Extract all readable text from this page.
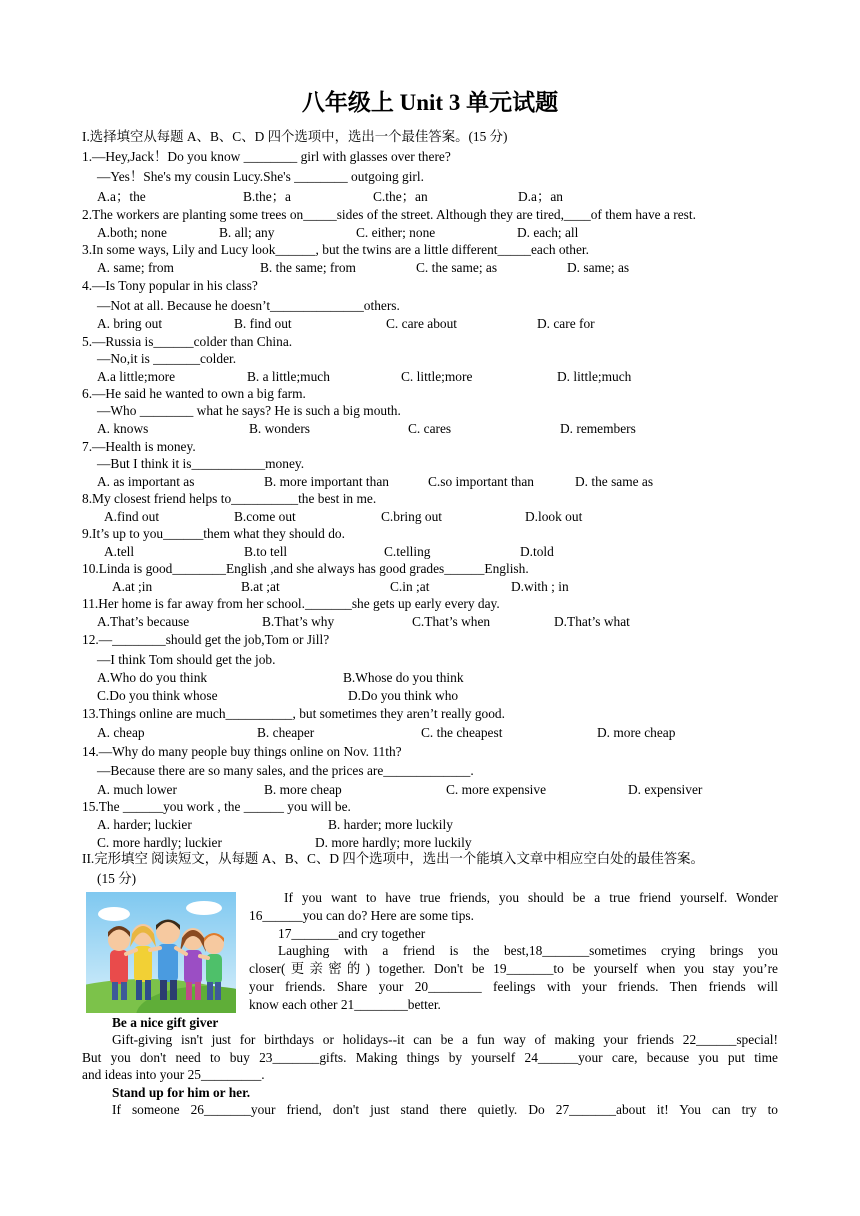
八年级上 Unit 3 单元试题
I.选择填空从每题 A、B、C、D 四个选项中，选出一个最佳答案。(15 分)
1.—Hey,Jack！Do you know ________ girl with glasses over there?
—Yes！She's my cousin Lucy.She's ________ outgoing girl.
A.a；the	B.the；a	C.the；an	D.a；an
2.The workers are planting some trees on_____sides of the street. Although they are tired,____of them have a rest.
A.both; none	B. all; any	C. either; none	D. each; all
3.In some ways, Lily and Lucy look______, but the twins are a little different_____each other.
A. same; from	B. the same; from	C. the same; as	D. same; as
4.—Is Tony popular in his class?
—Not at all. Because he doesn’t______________others.
A. bring out	B. find out	C. care about	D. care for
5.—Russia is______colder than China.
—No,it is _______colder.
A.a little;more	B. a little;much	C. little;more	D. little;much
6.—He said he wanted to own a big farm.
—Who ________ what he says? He is such a big mouth.
A. knows	B. wonders	C. cares	D. remembers
7.—Health is money.
—But I think it is___________money.
A. as important as	B. more important than	C.so important than	D. the same as
8.My closest friend helps to__________the best in me.
A.find out	B.come out	C.bring out	D.look out
9.It’s up to you______them what they should do.
A.tell	B.to tell	C.telling	D.told
10.Linda is good________English ,and she always has good grades______English.
A.at ;in	B.at ;at	C.in ;at	D.with ; in
11.Her home is far away from her school._______she gets up early every day.
A.That’s because	B.That’s why	C.That’s when	D.That’s what
12.—________should get the job,Tom or Jill?
—I think Tom should get the job.
A.Who do you think	B.Whose do you think
C.Do you think whose	D.Do you think who
13.Things online are much__________, but sometimes they aren’t really good.
A. cheap	B. cheaper	C. the cheapest	D. more cheap
14.—Why do many people buy things online on Nov. 11th?
—Because there are so many sales, and the prices are_____________.
A. much lower	B. more cheap	C. more expensive	D. expensiver
15.The ______you work , the ______ you will be.
A. harder; luckier	B. harder; more luckily
C. more hardly; luckier	D. more hardly; more luckily
II.完形填空 阅读短文，从每题 A、B、C、D 四个选项中，选出一个能填入文章中相应空白处的最佳答案。
(15 分)
If you want to have true friends, you should be a true friend yourself. Wonder
16______you can do? Here are some tips.
17_______and cry together
Laughing with a friend is the best,18_______sometimes crying brings you
closer(更亲密的) together. Don't be 19_______to be yourself when you stay you’re
your friends. Share your 20________ feelings with your friends. Then friends will
know each other 21________better.
Be a nice gift giver
Gift-giving isn't just for birthdays or holidays--it can be a fun way of making your friends 22______special!
But you don't need to buy 23_______gifts. Making things by yourself 24______your care, because you put time
and ideas into your 25_________.
Stand up for him or her.
If someone 26_______your friend, don't just stand there quietly. Do 27_______about it! You can try to
